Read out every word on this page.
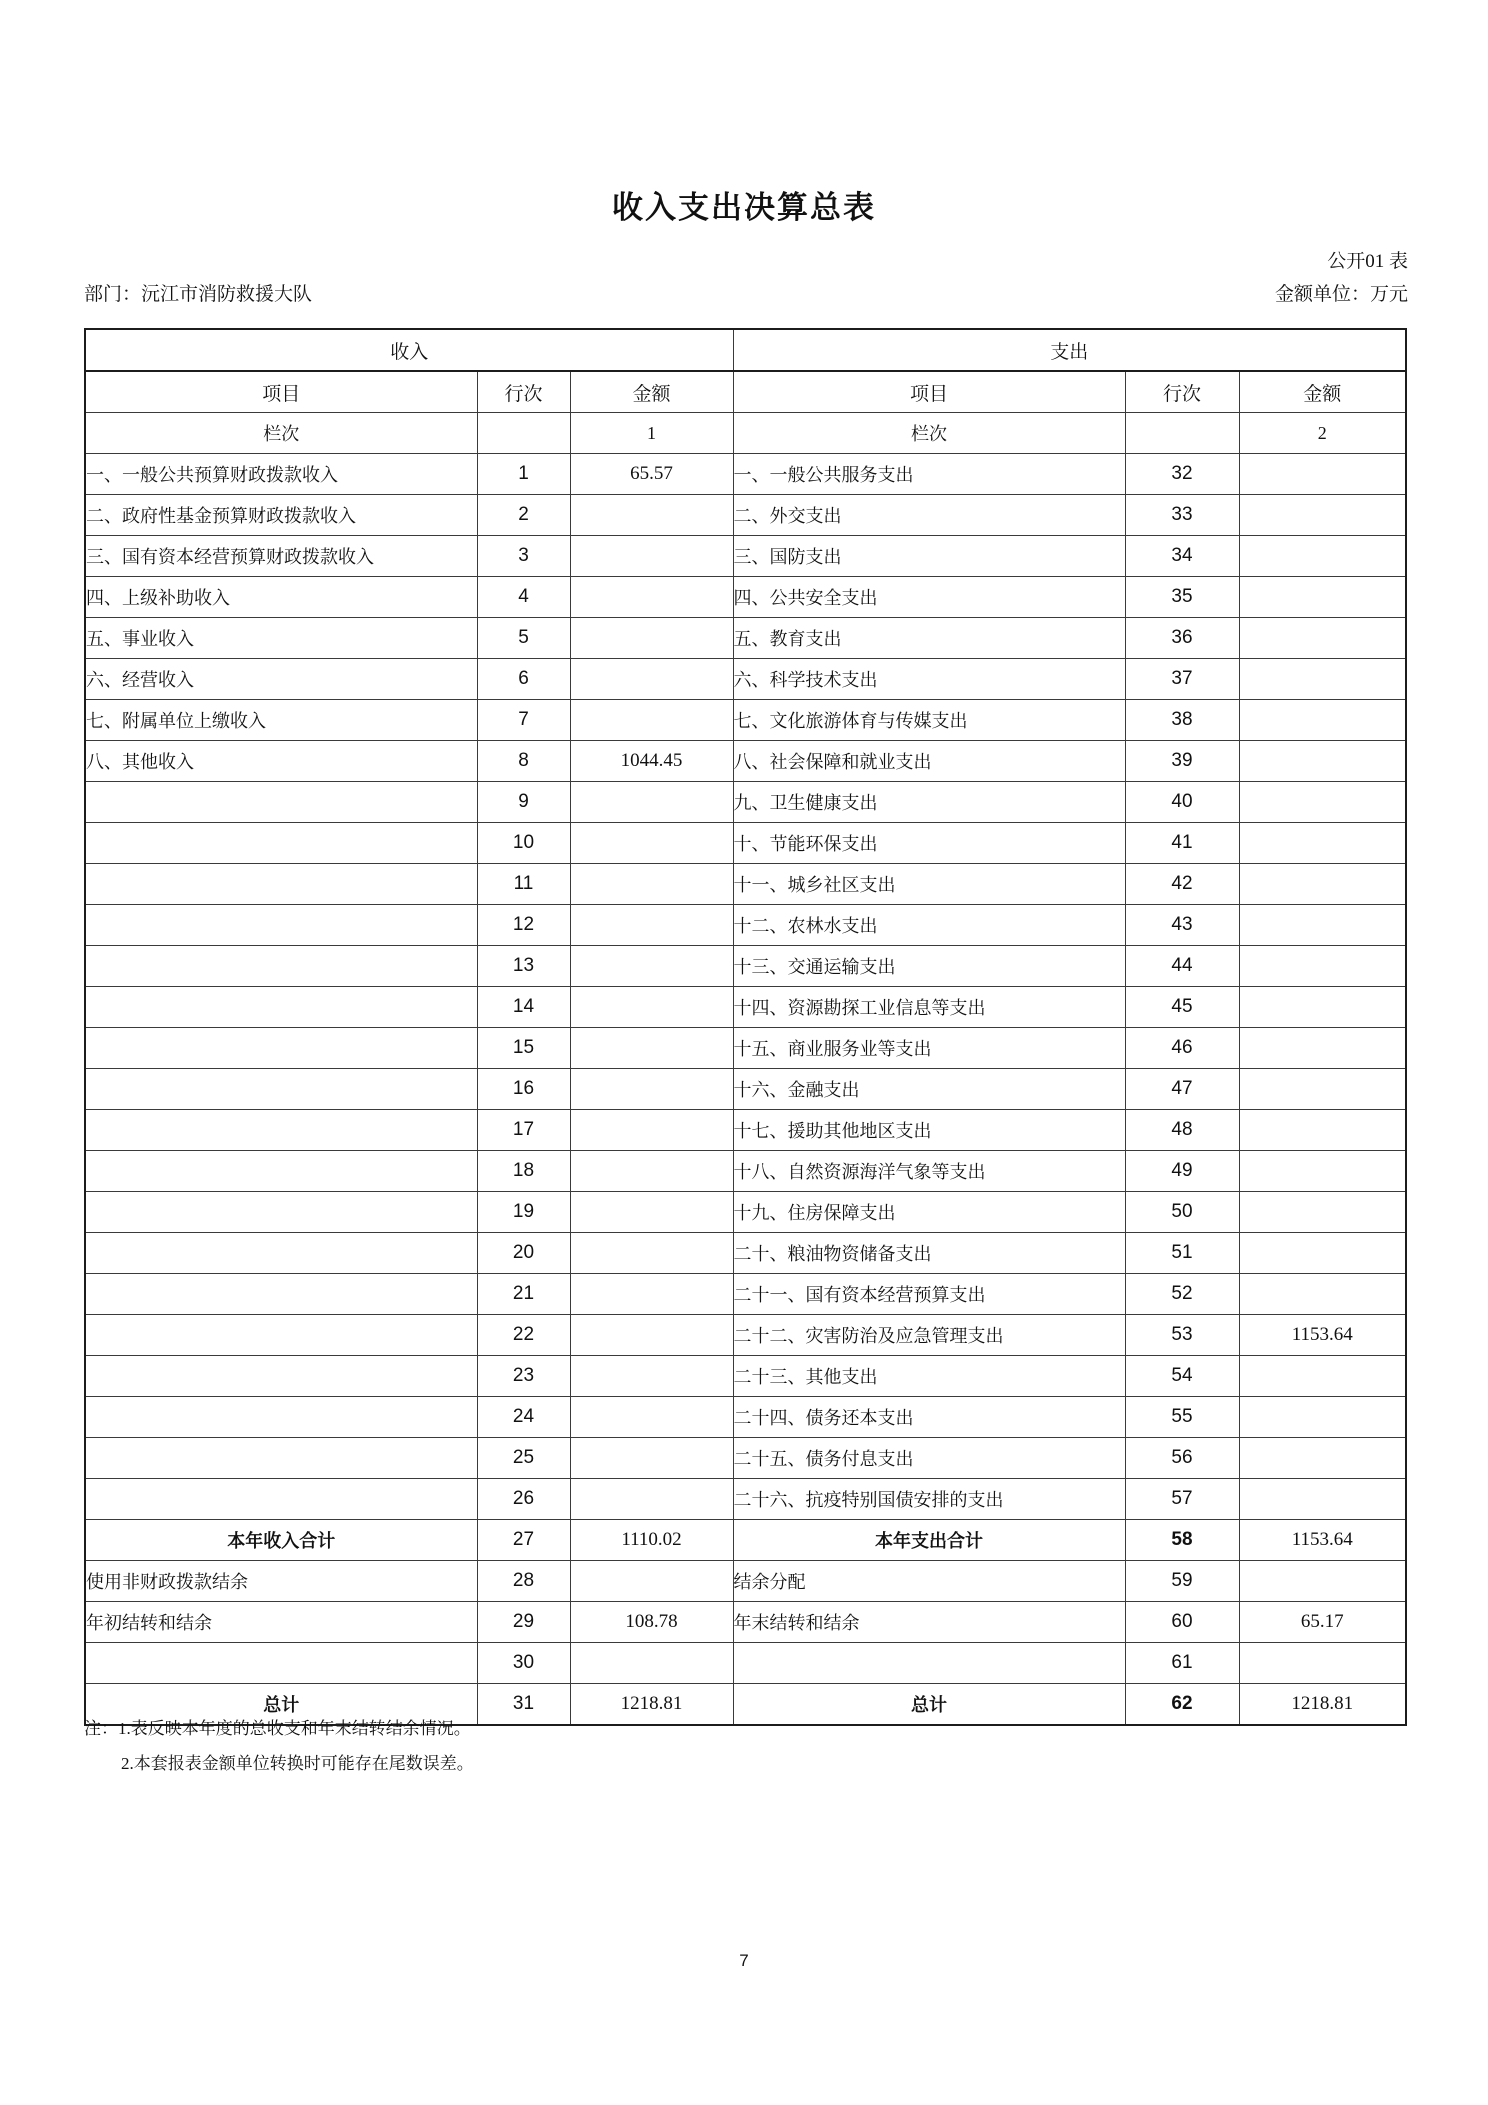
收入支出决算总表
公开01 表
部门：沅江市消防救援大队	金额单位：万元
收入			支出		
项目	行次	金额	项目	行次	金额
栏次		1	栏次		2
一、一般公共预算财政拨款收入	1	65.57	一、一般公共服务支出	32	
二、政府性基金预算财政拨款收入	2		二、外交支出	33	
三、国有资本经营预算财政拨款收入	3		三、国防支出	34	
四、上级补助收入	4		四、公共安全支出	35	
五、事业收入	5		五、教育支出	36	
六、经营收入	6		六、科学技术支出	37	
七、附属单位上缴收入	7		七、文化旅游体育与传媒支出	38	
八、其他收入	8	1044.45	八、社会保障和就业支出	39	
	9		九、卫生健康支出	40	
	10		十、节能环保支出	41	
	11		十一、城乡社区支出	42	
	12		十二、农林水支出	43	
	13		十三、交通运输支出	44	
	14		十四、资源勘探工业信息等支出	45	
	15		十五、商业服务业等支出	46	
	16		十六、金融支出	47	
	17		十七、援助其他地区支出	48	
	18		十八、自然资源海洋气象等支出	49	
	19		十九、住房保障支出	50	
	20		二十、粮油物资储备支出	51	
	21		二十一、国有资本经营预算支出	52	
	22		二十二、灾害防治及应急管理支出	53	1153.64
	23		二十三、其他支出	54	
	24		二十四、债务还本支出	55	
	25		二十五、债务付息支出	56	
	26		二十六、抗疫特别国债安排的支出	57	
本年收入合计	27	1110.02	本年支出合计	58	1153.64
使用非财政拨款结余	28		结余分配	59	
年初结转和结余	29	108.78	年末结转和结余	60	65.17
	30			61	
总计	31	1218.81	总计	62	1218.81
注：1.表反映本年度的总收支和年末结转结余情况。
2.本套报表金额单位转换时可能存在尾数误差。
7
